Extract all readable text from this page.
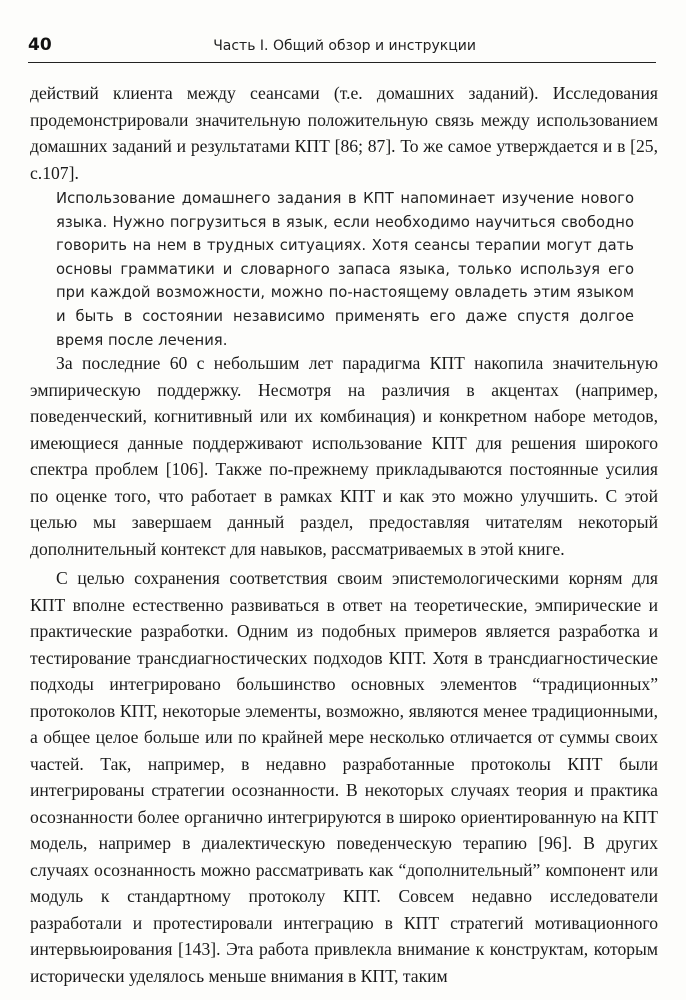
40	Часть I. Общий обзор и инструкции

действий клиента между сеансами (т.е. домашних заданий). Исследования продемонстрировали значительную положительную связь между использованием домашних заданий и результатами КПТ [86; 87]. То же самое утверждается и в [25, с.107].

Использование домашнего задания в КПТ напоминает изучение нового языка. Нужно погрузиться в язык, если необходимо научиться свободно говорить на нем в трудных ситуациях. Хотя сеансы терапии могут дать основы грамматики и словарного запаса языка, только используя его при каждой возможности, можно по-настоящему овладеть этим языком и быть в состоянии независимо применять его даже спустя долгое время после лечения.

За последние 60 с небольшим лет парадигма КПТ накопила значительную эмпирическую поддержку. Несмотря на различия в акцентах (например, поведенческий, когнитивный или их комбинация) и конкретном наборе методов, имеющиеся данные поддерживают использование КПТ для решения широкого спектра проблем [106]. Также по-прежнему прикладываются постоянные усилия по оценке того, что работает в рамках КПТ и как это можно улучшить. С этой целью мы завершаем данный раздел, предоставляя читателям некоторый дополнительный контекст для навыков, рассматриваемых в этой книге.

С целью сохранения соответствия своим эпистемологическими корням для КПТ вполне естественно развиваться в ответ на теоретические, эмпирические и практические разработки. Одним из подобных примеров является разработка и тестирование трансдиагностических подходов КПТ. Хотя в трансдиагностические подходы интегрировано большинство основных элементов “традиционных” протоколов КПТ, некоторые элементы, возможно, являются менее традиционными, а общее целое больше или по крайней мере несколько отличается от суммы своих частей. Так, например, в недавно разработанные протоколы КПТ были интегрированы стратегии осознанности. В некоторых случаях теория и практика осознанности более органично интегрируются в широко ориентированную на КПТ модель, например в диалектическую поведенческую терапию [96]. В других случаях осознанность можно рассматривать как “дополнительный” компонент или модуль к стандартному протоколу КПТ. Совсем недавно исследователи разработали и протестировали интеграцию в КПТ стратегий мотивационного интервьюирования [143]. Эта работа привлекла внимание к конструктам, которым исторически уделялось меньше внимания в КПТ, таким
